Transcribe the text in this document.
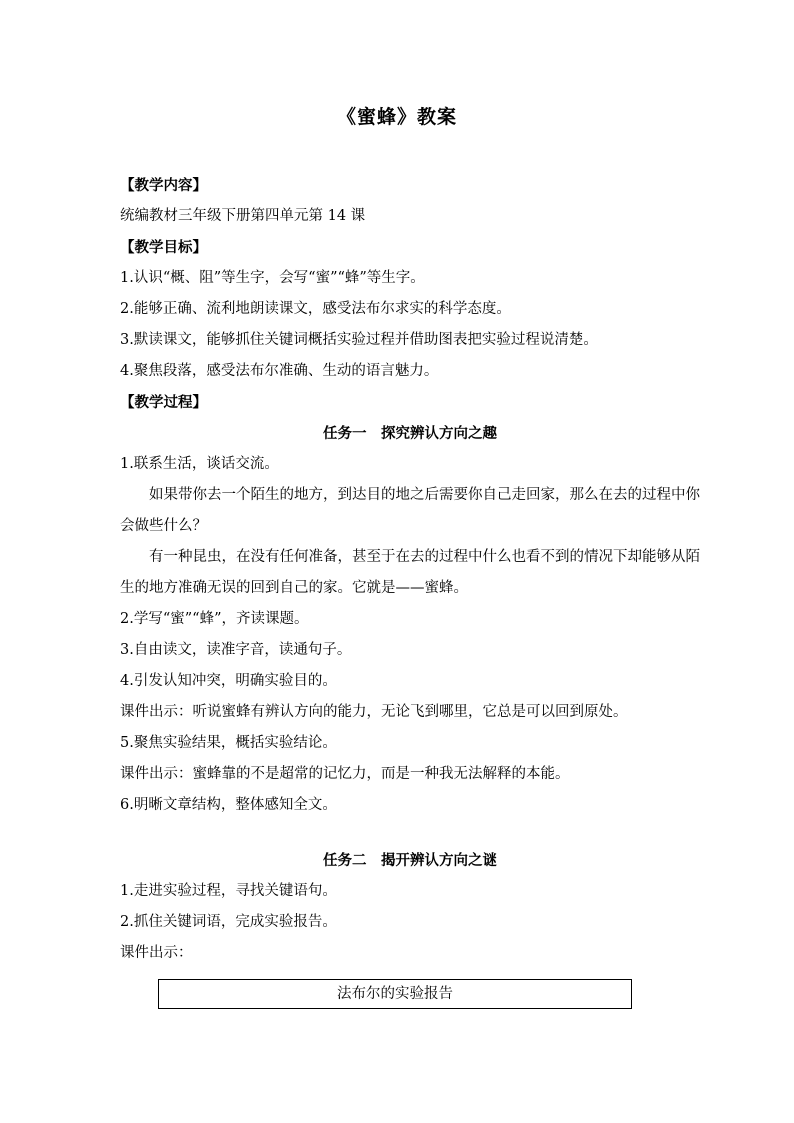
《蜜蜂》教案

【教学内容】

统编教材三年级下册第四单元第 14 课

【教学目标】

1.认识“概、阻”等生字，会写“蜜”“蜂”等生字。

2.能够正确、流利地朗读课文，感受法布尔求实的科学态度。

3.默读课文，能够抓住关键词概括实验过程并借助图表把实验过程说清楚。

4.聚焦段落，感受法布尔准确、生动的语言魅力。

【教学过程】

任务一　探究辨认方向之趣

1.联系生活，谈话交流。

如果带你去一个陌生的地方，到达目的地之后需要你自己走回家，那么在去的过程中你会做些什么？

有一种昆虫，在没有任何准备，甚至于在去的过程中什么也看不到的情况下却能够从陌生的地方准确无误的回到自己的家。它就是——蜜蜂。

2.学写“蜜”“蜂”，齐读课题。

3.自由读文，读准字音，读通句子。

4.引发认知冲突，明确实验目的。

课件出示：听说蜜蜂有辨认方向的能力，无论飞到哪里，它总是可以回到原处。

5.聚焦实验结果，概括实验结论。

课件出示：蜜蜂靠的不是超常的记忆力，而是一种我无法解释的本能。

6.明晰文章结构，整体感知全文。

任务二　揭开辨认方向之谜

1.走进实验过程，寻找关键语句。

2.抓住关键词语，完成实验报告。

课件出示：

法布尔的实验报告
